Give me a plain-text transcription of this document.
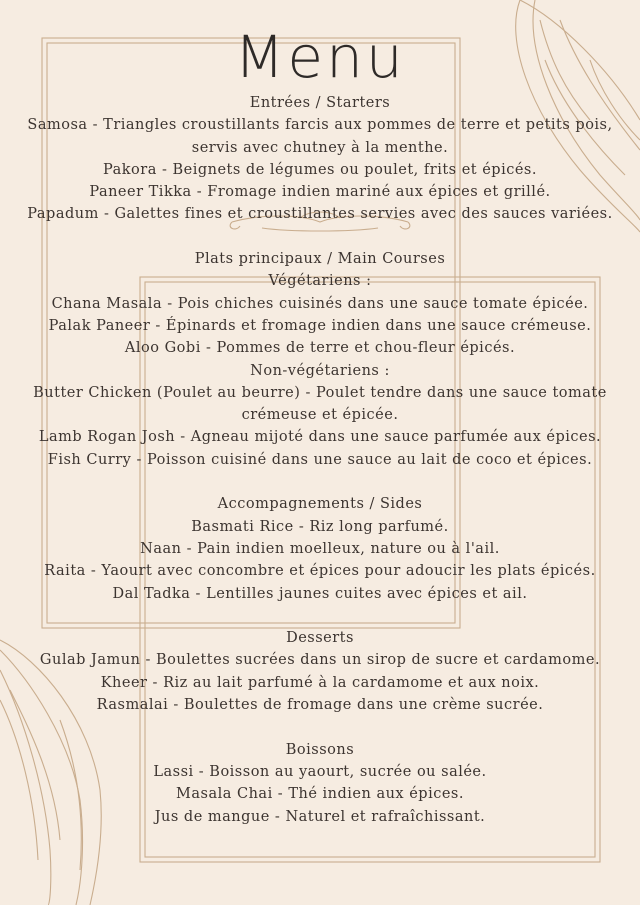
Menu
Entrées / Starters
Samosa - Triangles croustillants farcis aux pommes de terre et petits pois, servis avec chutney à la menthe.
Pakora - Beignets de légumes ou poulet, frits et épicés.
Paneer Tikka - Fromage indien mariné aux épices et grillé.
Papadum - Galettes fines et croustillantes servies avec des sauces variées.
Plats principaux / Main Courses
Végétariens :
Chana Masala - Pois chiches cuisinés dans une sauce tomate épicée.
Palak Paneer - Épinards et fromage indien dans une sauce crémeuse.
Aloo Gobi - Pommes de terre et chou-fleur épicés.
Non-végétariens :
Butter Chicken (Poulet au beurre) - Poulet tendre dans une sauce tomate crémeuse et épicée.
Lamb Rogan Josh - Agneau mijoté dans une sauce parfumée aux épices.
Fish Curry - Poisson cuisiné dans une sauce au lait de coco et épices.
Accompagnements / Sides
Basmati Rice - Riz long parfumé.
Naan - Pain indien moelleux, nature ou à l'ail.
Raita - Yaourt avec concombre et épices pour adoucir les plats épicés.
Dal Tadka - Lentilles jaunes cuites avec épices et ail.
Desserts
Gulab Jamun - Boulettes sucrées dans un sirop de sucre et cardamome.
Kheer - Riz au lait parfumé à la cardamome et aux noix.
Rasmalai - Boulettes de fromage dans une crème sucrée.
Boissons
Lassi - Boisson au yaourt, sucrée ou salée.
Masala Chai - Thé indien aux épices.
Jus de mangue - Naturel et rafraîchissant.
